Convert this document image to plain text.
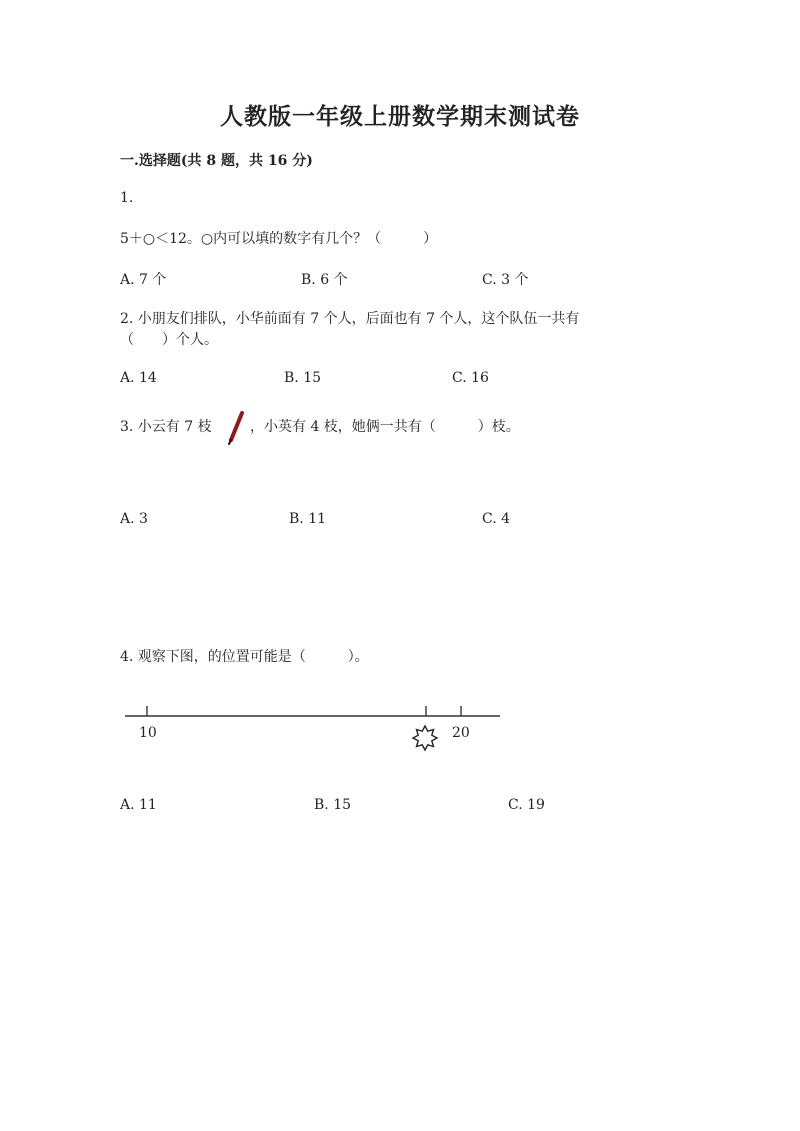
人教版一年级上册数学期末测试卷
一.选择题(共 8 题，共 16 分)
1.
5＋○＜12。○内可以填的数字有几个？（　　　）
A. 7 个	B. 6 个	C. 3 个
2. 小朋友们排队，小华前面有 7 个人，后面也有 7 个人，这个队伍一共有
（　　）个人。
A. 14	B. 15	C. 16
3. 小云有 7 枝	，小英有 4 枝，她俩一共有（　　　）枝。
A. 3	B. 11	C. 4
4. 观察下图，的位置可能是（　　　）。
10	20
A. 11	B. 15	C. 19
